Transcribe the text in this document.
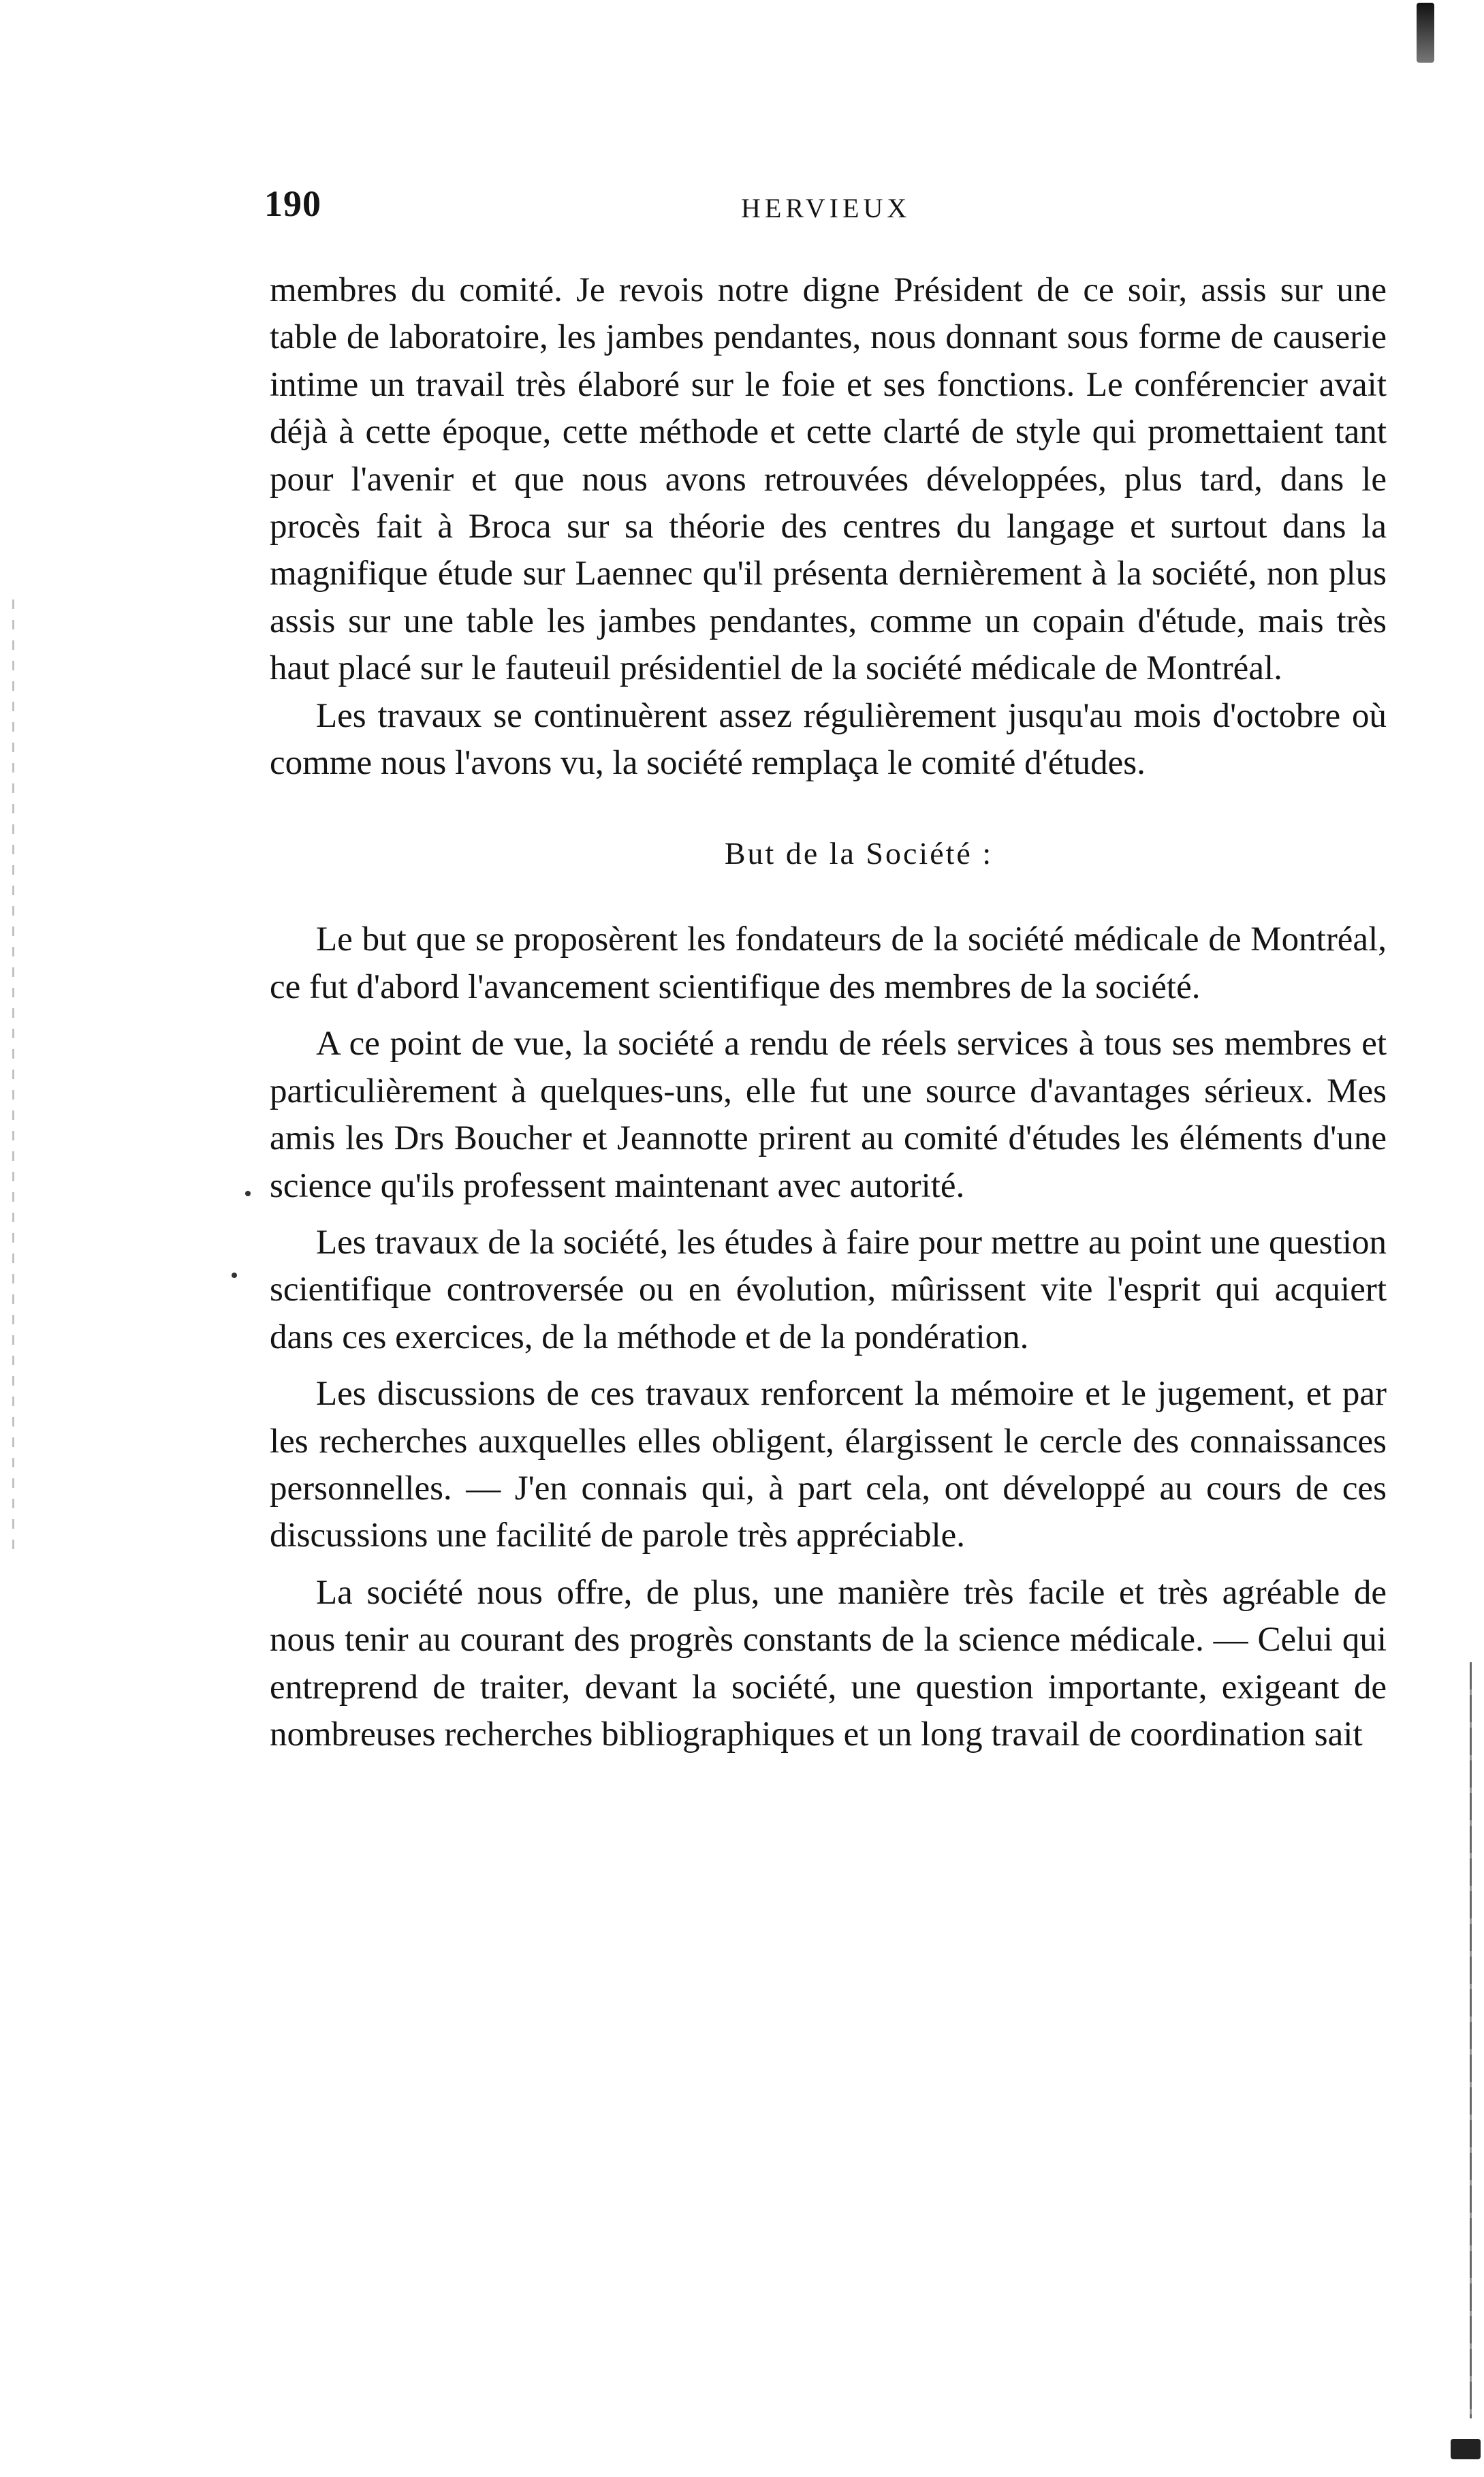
190	HERVIEUX

membres du comité. Je revois notre digne Président de ce soir, assis sur une table de laboratoire, les jambes pendantes, nous donnant sous forme de causerie intime un travail très élaboré sur le foie et ses fonctions. Le conférencier avait déjà à cette époque, cette méthode et cette clarté de style qui promettaient tant pour l'avenir et que nous avons retrouvées développées, plus tard, dans le procès fait à Broca sur sa théorie des centres du langage et surtout dans la magnifique étude sur Laennec qu'il présenta dernièrement à la société, non plus assis sur une table les jambes pendantes, comme un copain d'étude, mais très haut placé sur le fauteuil présidentiel de la société médicale de Montréal.

Les travaux se continuèrent assez régulièrement jusqu'au mois d'octobre où comme nous l'avons vu, la société remplaça le comité d'études.

But de la Société :

Le but que se proposèrent les fondateurs de la société médicale de Montréal, ce fut d'abord l'avancement scientifique des membres de la société.

A ce point de vue, la société a rendu de réels services à tous ses membres et particulièrement à quelques-uns, elle fut une source d'avantages sérieux. Mes amis les Drs Boucher et Jeannotte prirent au comité d'études les éléments d'une science qu'ils professent maintenant avec autorité.

Les travaux de la société, les études à faire pour mettre au point une question scientifique controversée ou en évolution, mûrissent vite l'esprit qui acquiert dans ces exercices, de la méthode et de la pondération.

Les discussions de ces travaux renforcent la mémoire et le jugement, et par les recherches auxquelles elles obligent, élargissent le cercle des connaissances personnelles. — J'en connais qui, à part cela, ont développé au cours de ces discussions une facilité de parole très appréciable.

La société nous offre, de plus, une manière très facile et très agréable de nous tenir au courant des progrès constants de la science médicale. — Celui qui entreprend de traiter, devant la société, une question importante, exigeant de nombreuses recherches bibliographiques et un long travail de coordination sait
